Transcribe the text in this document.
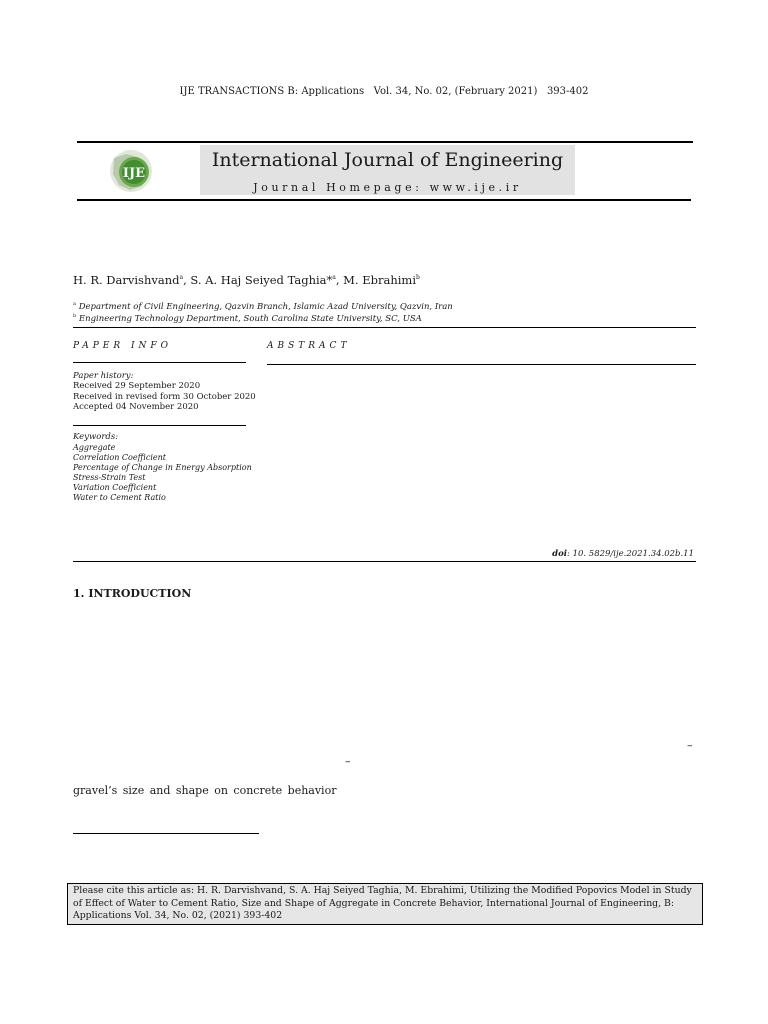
IJE TRANSACTIONS B: Applications   Vol. 34, No. 02, (February 2021)   393-402
IJE
International Journal of Engineering
Journal Homepage: www.ije.ir
H. R. Darvishvand$^a$, S. A. Haj Seiyed Taghia*$^a$, M. Ebrahimi$^b$
$^a$ Department of Civil Engineering, Qazvin Branch, Islamic Azad University, Qazvin, Iran
$^b$ Engineering Technology Department, South Carolina State University, SC, USA
PAPER INFO	ABSTRACT
Paper history:
Received 29 September 2020
Received in revised form 30 October 2020
Accepted 04 November 2020
Keywords:
Aggregate
Correlation Coefficient
Percentage of Change in Energy Absorption
Stress-Strain Test
Variation Coefficient
Water to Cement Ratio
doi: 10. 5829/ije.2021.34.02b.11
1. INTRODUCTION
–
–
gravel’s size and shape on concrete behavior
Please cite this article as: H. R. Darvishvand, S. A. Haj Seiyed Taghia, M. Ebrahimi, Utilizing the Modified Popovics Model in Study of Effect of Water to Cement Ratio, Size and Shape of Aggregate in Concrete Behavior, International Journal of Engineering, B: Applications Vol. 34, No. 02, (2021) 393-402
